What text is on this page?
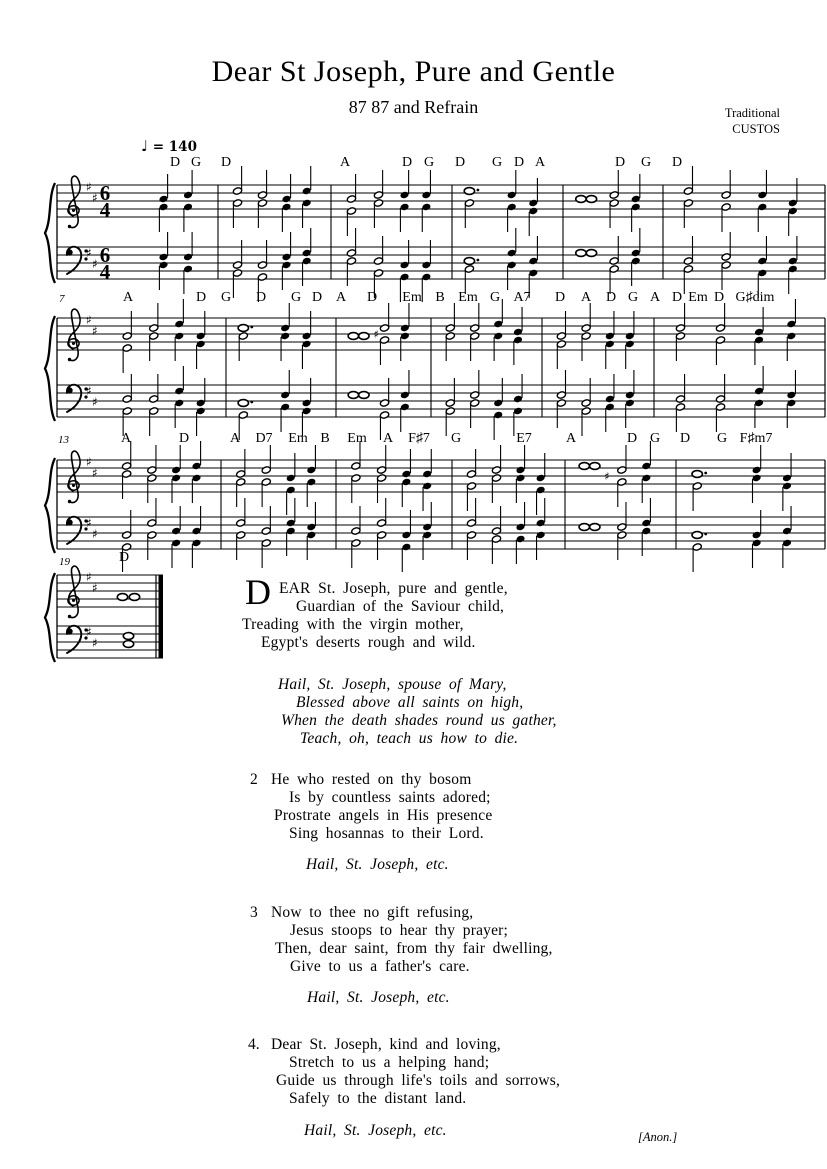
♯
♯
♯
♯
6
4
6
4
♯
♯
♯
♯
♯
♯
♯
♯
♯
♯
♯
♯
♯
♯
Dear St Joseph, Pure and Gentle
87 87 and Refrain	Traditional
CUSTOS
♩ = 140
D G D	A	D G D G D A	D G D
A	D G D G D A D Em B Em G A7 D A D G A D Em D G♯dim
7
A	D	A D7 Em B Em A F♯7 G	E7 A	D G D G F♯m7
13
D
19
D EAR St. Joseph, pure and gentle,
Guardian of the Saviour child,
Treading with the virgin mother,
Egypt's deserts rough and wild.
Hail, St. Joseph, spouse of Mary,
Blessed above all saints on high,
When the death shades round us gather,
Teach, oh, teach us how to die.
2 He who rested on thy bosom
Is by countless saints adored;
Prostrate angels in His presence
Sing hosannas to their Lord.
Hail, St. Joseph, etc.
3 Now to thee no gift refusing,
Jesus stoops to hear thy prayer;
Then, dear saint, from thy fair dwelling,
Give to us a father's care.
Hail, St. Joseph, etc.
4. Dear St. Joseph, kind and loving,
Stretch to us a helping hand;
Guide us through life's toils and sorrows,
Safely to the distant land.
Hail, St. Joseph, etc.	[Anon.]
